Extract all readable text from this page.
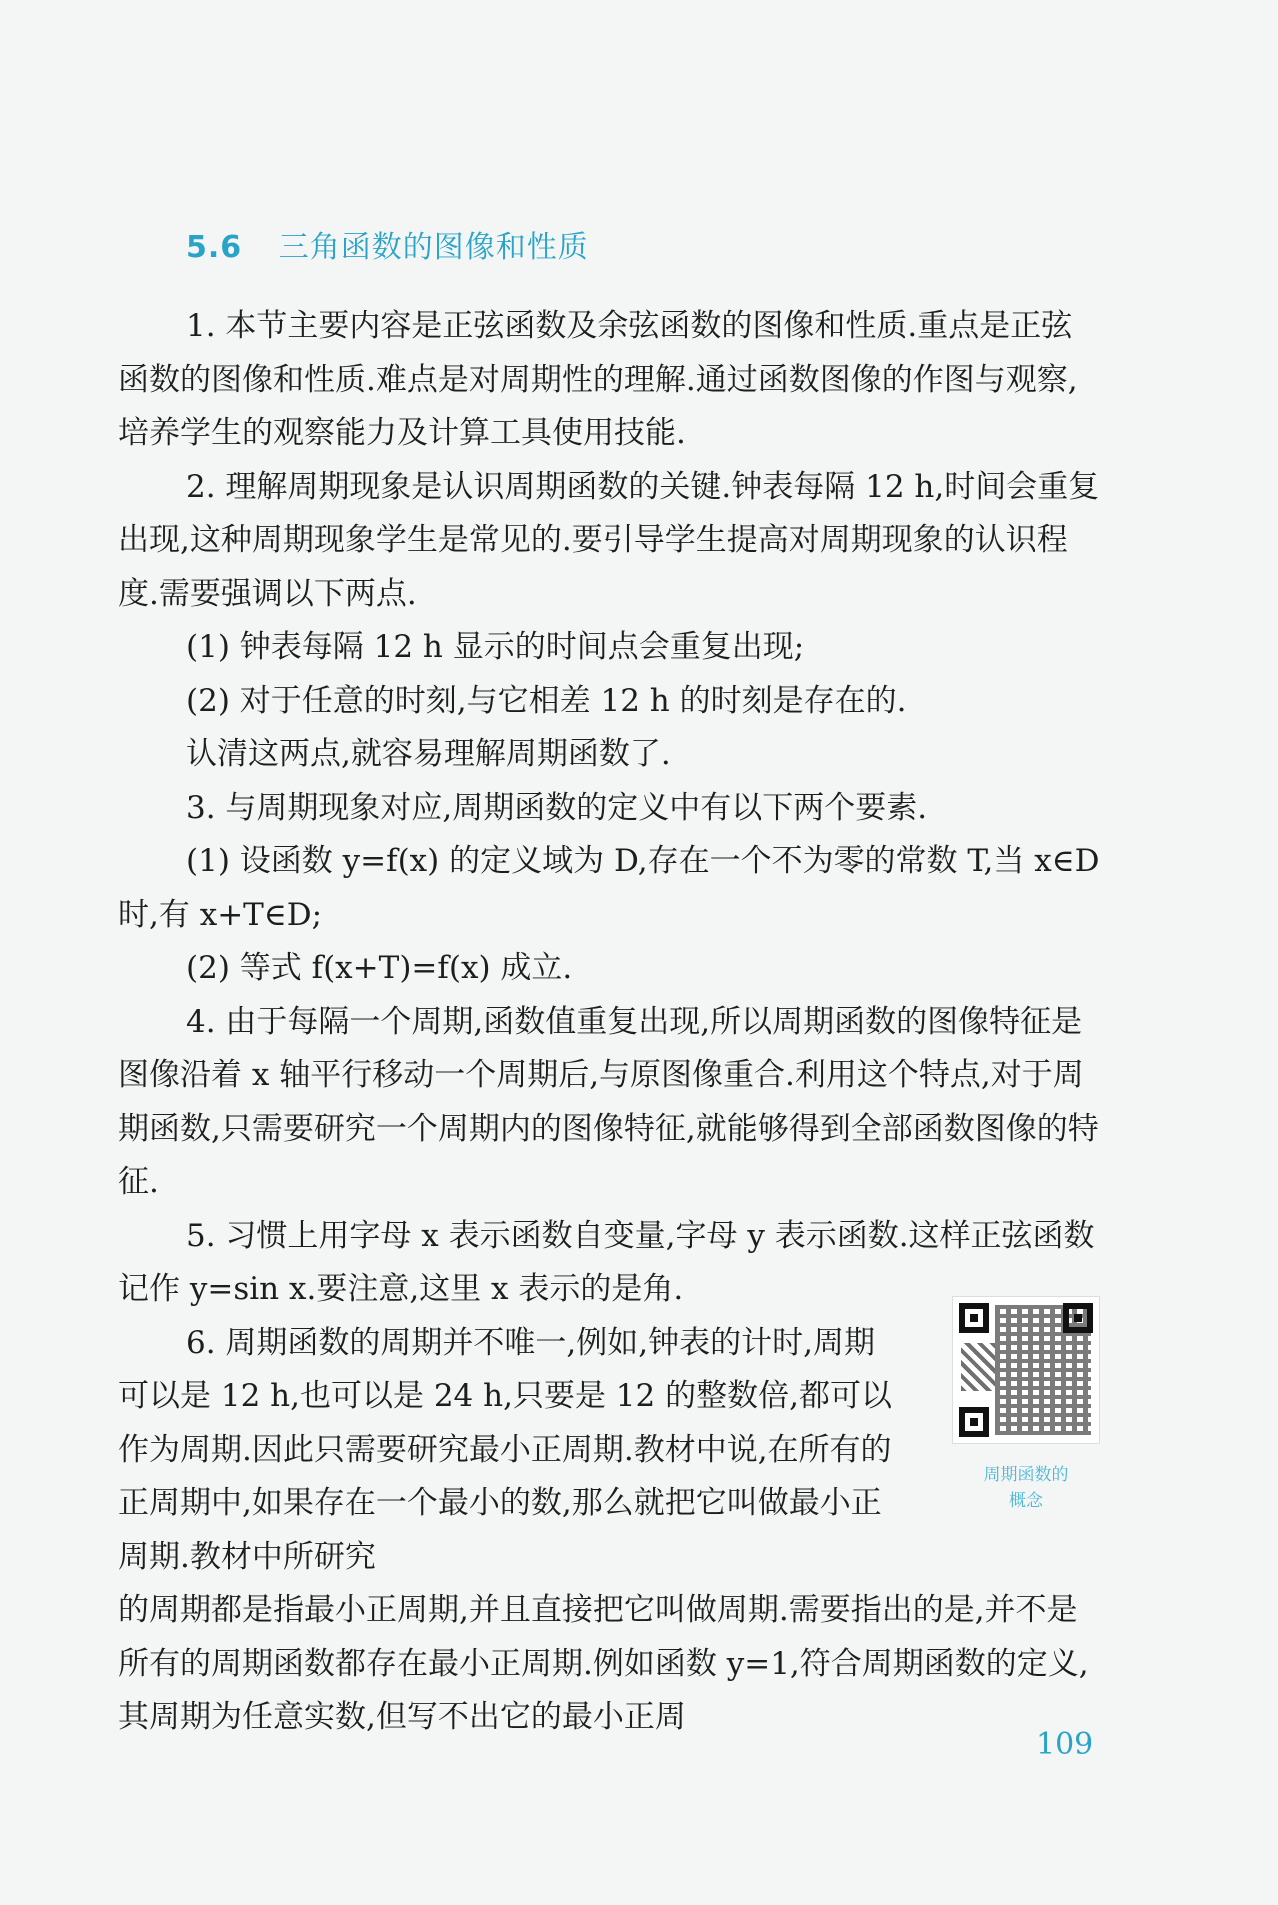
5.6 三角函数的图像和性质

1. 本节主要内容是正弦函数及余弦函数的图像和性质.重点是正弦函数的图像和性质.难点是对周期性的理解.通过函数图像的作图与观察,培养学生的观察能力及计算工具使用技能.

2. 理解周期现象是认识周期函数的关键.钟表每隔 12 h,时间会重复出现,这种周期现象学生是常见的.要引导学生提高对周期现象的认识程度.需要强调以下两点.

(1) 钟表每隔 12 h 显示的时间点会重复出现;

(2) 对于任意的时刻,与它相差 12 h 的时刻是存在的.

认清这两点,就容易理解周期函数了.

3. 与周期现象对应,周期函数的定义中有以下两个要素.

(1) 设函数 y=f(x) 的定义域为 D,存在一个不为零的常数 T,当 x∈D 时,有 x+T∈D;

(2) 等式 f(x+T)=f(x) 成立.

4. 由于每隔一个周期,函数值重复出现,所以周期函数的图像特征是图像沿着 x 轴平行移动一个周期后,与原图像重合.利用这个特点,对于周期函数,只需要研究一个周期内的图像特征,就能够得到全部函数图像的特征.

5. 习惯上用字母 x 表示函数自变量,字母 y 表示函数.这样正弦函数记作 y=sin x.要注意,这里 x 表示的是角.

6. 周期函数的周期并不唯一,例如,钟表的计时,周期可以是 12 h,也可以是 24 h,只要是 12 的整数倍,都可以作为周期.因此只需要研究最小正周期.教材中说,在所有的正周期中,如果存在一个最小的数,那么就把它叫做最小正周期.教材中所研究

的周期都是指最小正周期,并且直接把它叫做周期.需要指出的是,并不是所有的周期函数都存在最小正周期.例如函数 y=1,符合周期函数的定义,其周期为任意实数,但写不出它的最小正周

周期函数的
概念
109
